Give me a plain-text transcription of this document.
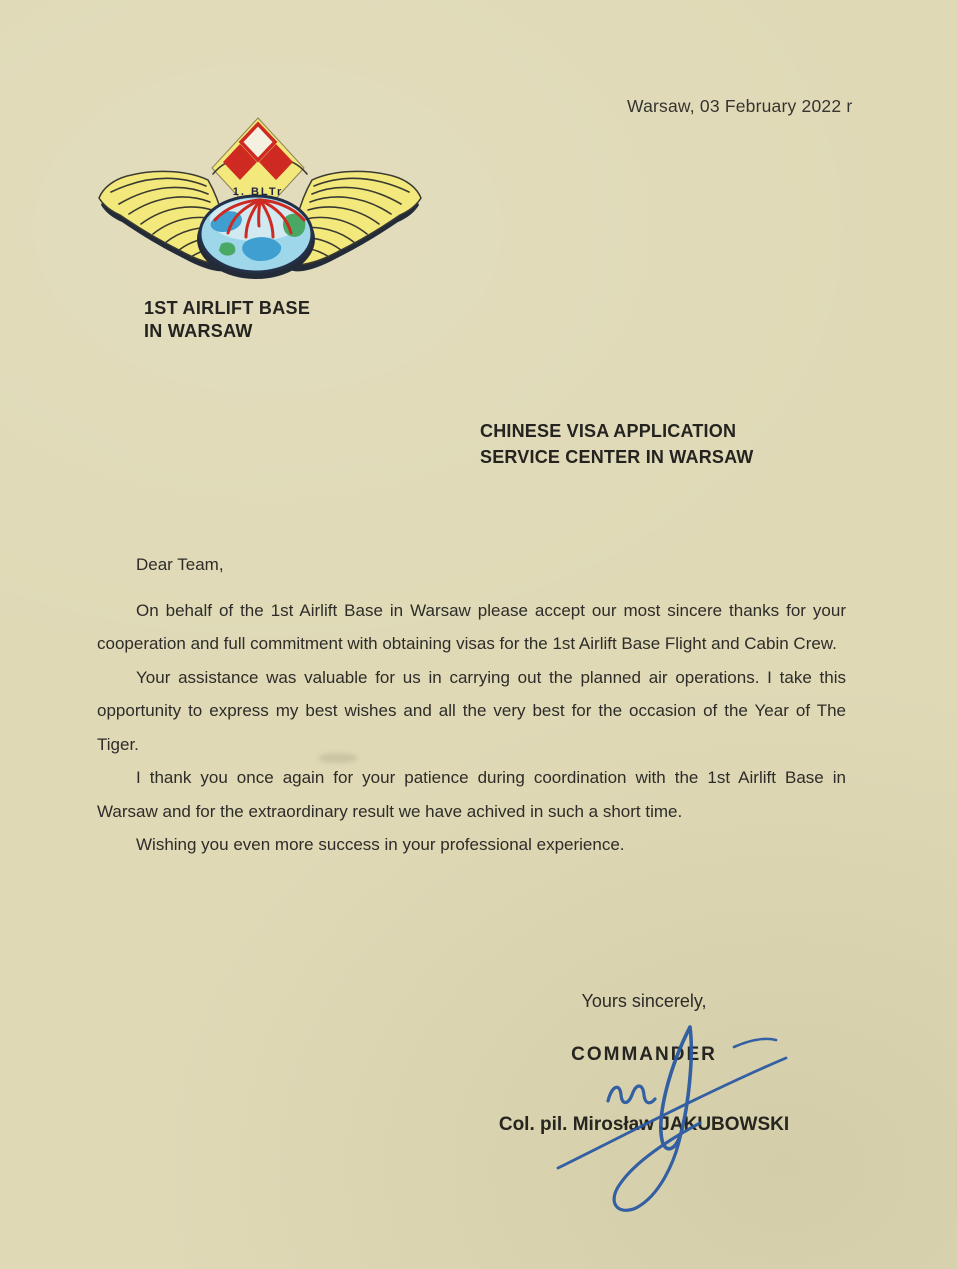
Warsaw, 03 February 2022 r
1. BLTr
1ST AIRLIFT BASE
IN WARSAW
CHINESE VISA APPLICATION
SERVICE CENTER IN WARSAW

Dear Team,

On behalf of the 1st Airlift Base in Warsaw please accept our most sincere thanks for your cooperation and full commitment with obtaining visas for the 1st Airlift Base Flight and Cabin Crew.

Your assistance was valuable for us in carrying out the planned air operations. I take this opportunity to express my best wishes and all the very best for the occasion of the Year of The Tiger.

I thank you once again for your patience during coordination with the 1st Airlift Base in Warsaw and for the extraordinary result we have achived in such a short time.

Wishing you even more success in your professional experience.

Yours sincerely,

COMMANDER

Col. pil. Mirosław JAKUBOWSKI
